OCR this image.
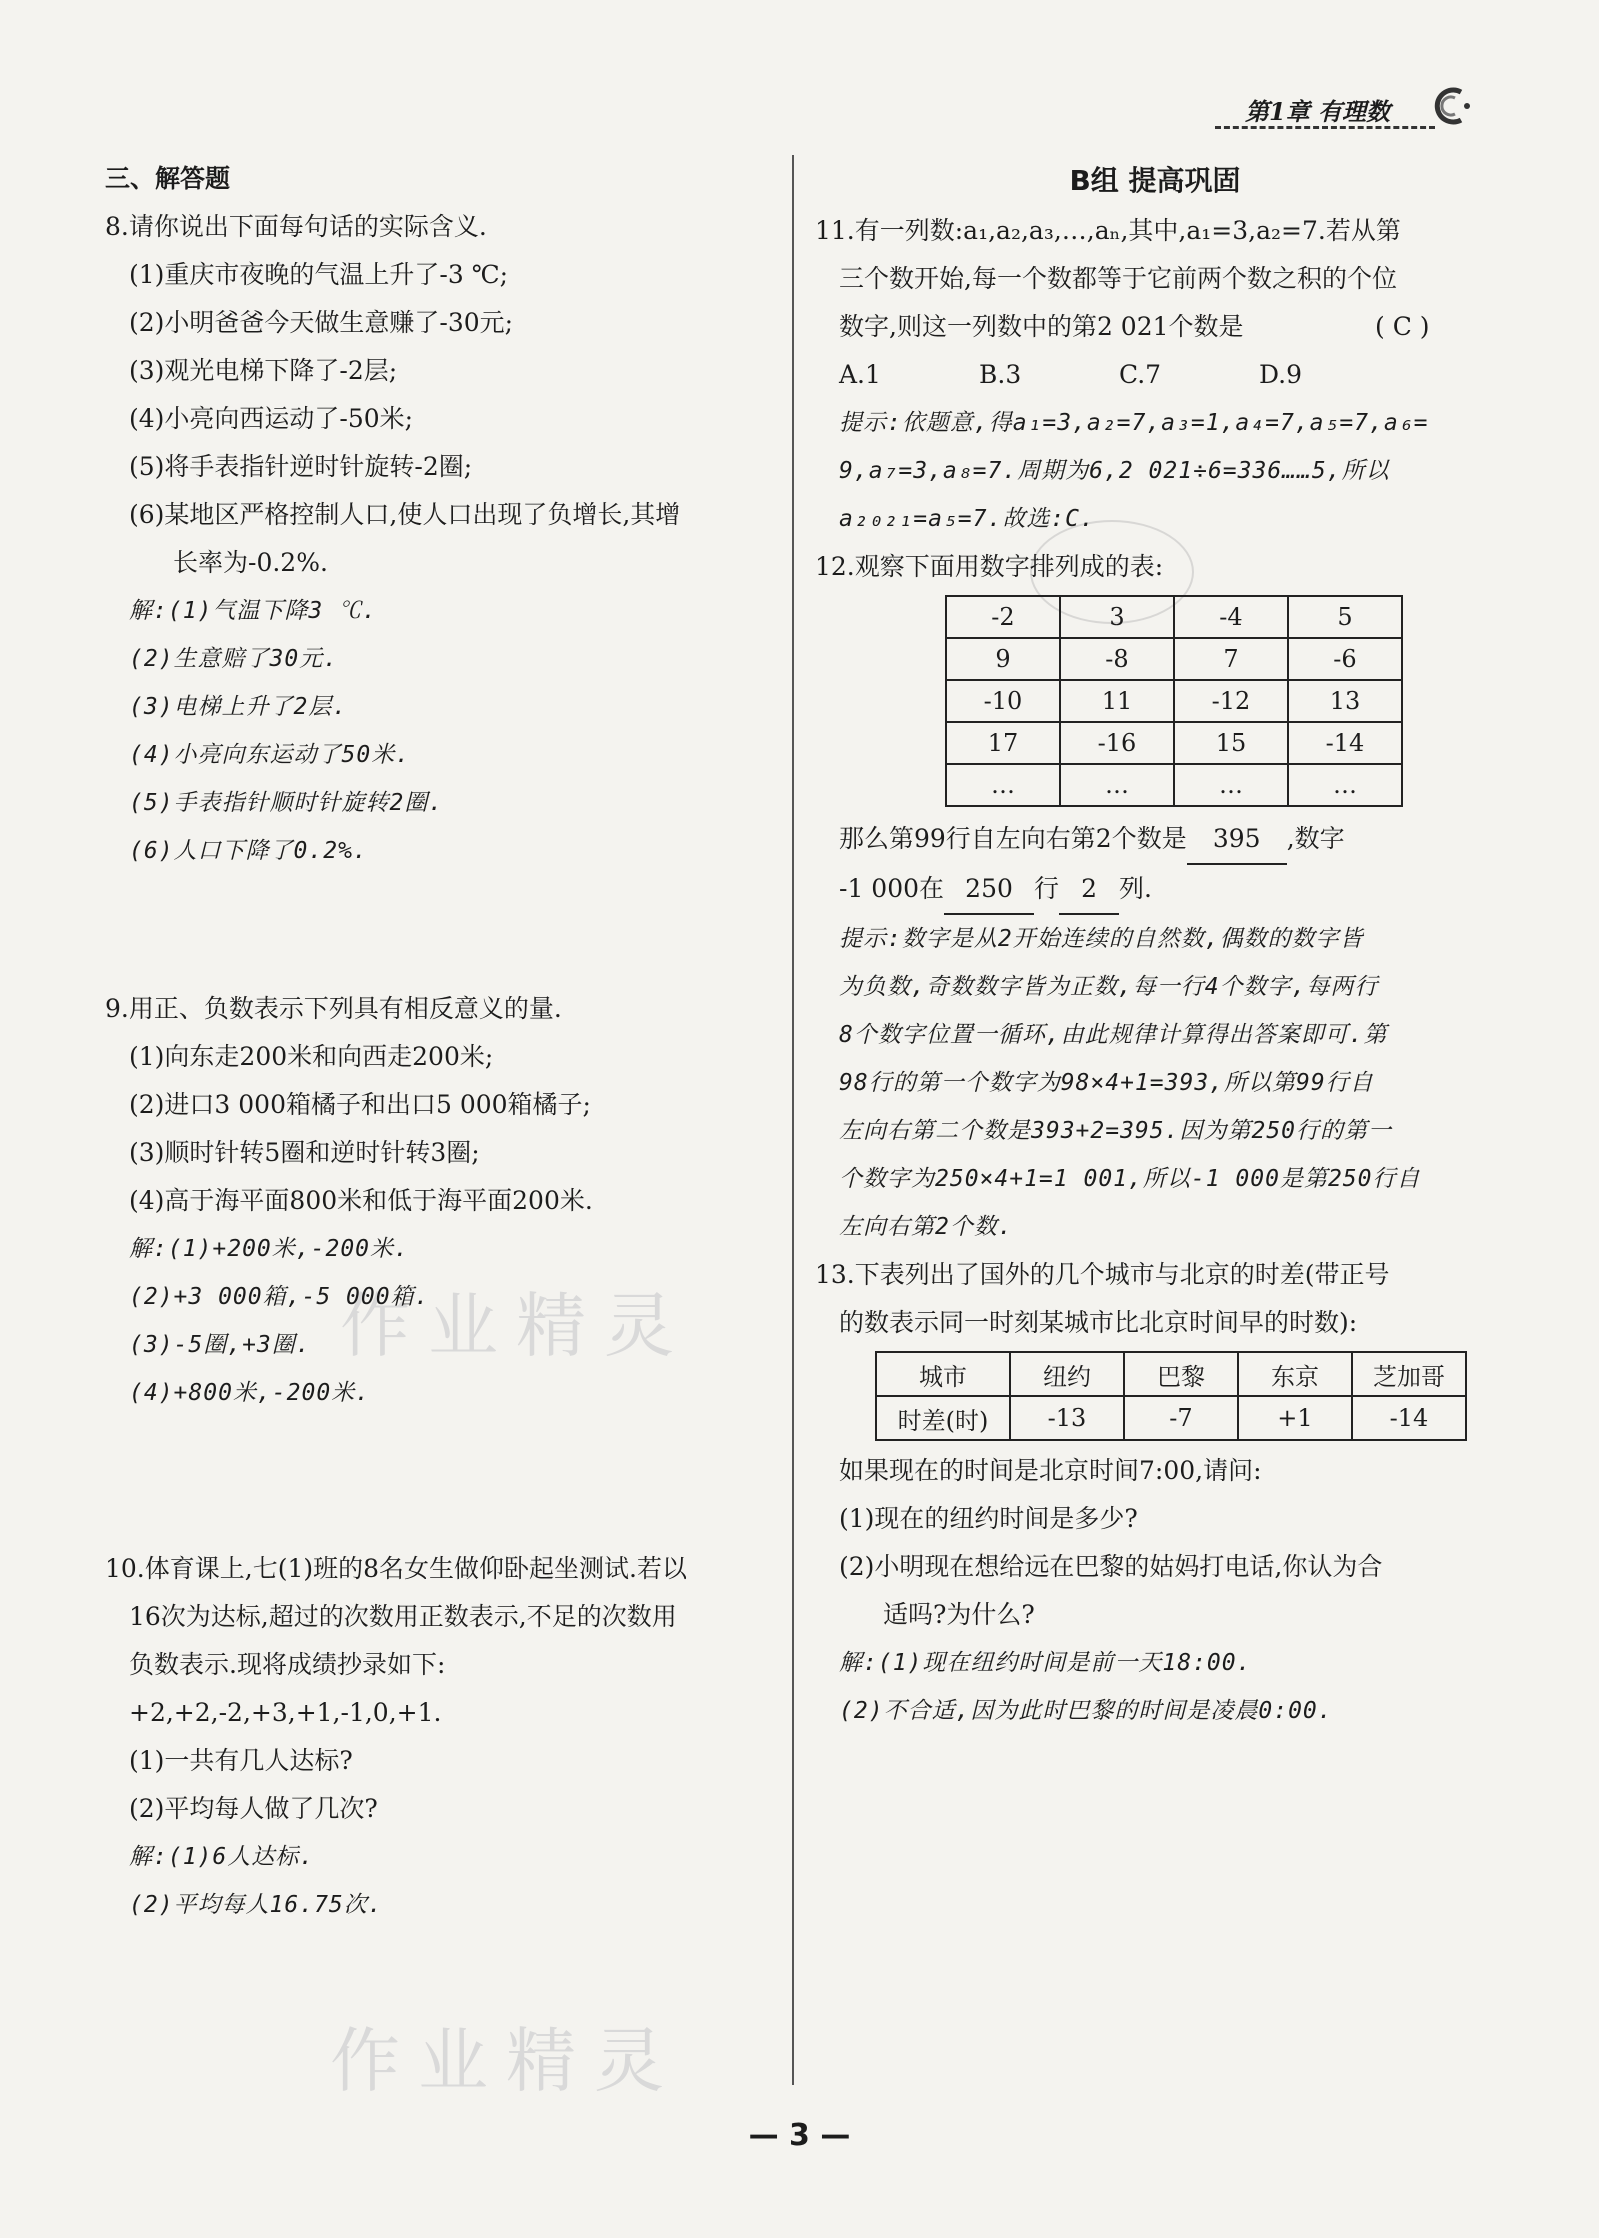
第1章 有理数
作业精灵
作业精灵
三、解答题
8.请你说出下面每句话的实际含义.
(1)重庆市夜晚的气温上升了-3 ℃;
(2)小明爸爸今天做生意赚了-30元;
(3)观光电梯下降了-2层;
(4)小亮向西运动了-50米;
(5)将手表指针逆时针旋转-2圈;
(6)某地区严格控制人口,使人口出现了负增长,其增
长率为-0.2%.
解:(1)气温下降3 ℃.
(2)生意赔了30元.
(3)电梯上升了2层.
(4)小亮向东运动了50米.
(5)手表指针顺时针旋转2圈.
(6)人口下降了0.2%.
9.用正、负数表示下列具有相反意义的量.
(1)向东走200米和向西走200米;
(2)进口3 000箱橘子和出口5 000箱橘子;
(3)顺时针转5圈和逆时针转3圈;
(4)高于海平面800米和低于海平面200米.
解:(1)+200米,-200米.
(2)+3 000箱,-5 000箱.
(3)-5圈,+3圈.
(4)+800米,-200米.
10.体育课上,七(1)班的8名女生做仰卧起坐测试.若以
16次为达标,超过的次数用正数表示,不足的次数用
负数表示.现将成绩抄录如下:
+2,+2,-2,+3,+1,-1,0,+1.
(1)一共有几人达标?
(2)平均每人做了几次?
解:(1)6人达标.
(2)平均每人16.75次.
B组 提高巩固
11.有一列数:a₁,a₂,a₃,…,aₙ,其中,a₁=3,a₂=7.若从第
三个数开始,每一个数都等于它前两个数之积的个位
数字,则这一列数中的第2 021个数是	( C )
A.1	B.3	C.7	D.9
提示:依题意,得a₁=3,a₂=7,a₃=1,a₄=7,a₅=7,a₆=
9,a₇=3,a₈=7.周期为6,2 021÷6=336……5,所以
a₂₀₂₁=a₅=7.故选:C.
12.观察下面用数字排列成的表:
-2	3	-4	5
9	-8	7	-6
-10	11	-12	13
17	-16	15	-14
…	…	…	…
那么第99行自左向右第2个数是 395 ,数字
-1 000在 250 行 2 列.
提示:数字是从2开始连续的自然数,偶数的数字皆
为负数,奇数数字皆为正数,每一行4个数字,每两行
8个数字位置一循环,由此规律计算得出答案即可.第
98行的第一个数字为98×4+1=393,所以第99行自
左向右第二个数是393+2=395.因为第250行的第一
个数字为250×4+1=1 001,所以-1 000是第250行自
左向右第2个数.
13.下表列出了国外的几个城市与北京的时差(带正号
的数表示同一时刻某城市比北京时间早的时数):
城市	纽约	巴黎	东京	芝加哥
时差(时)	-13	-7	+1	-14
如果现在的时间是北京时间7:00,请问:
(1)现在的纽约时间是多少?
(2)小明现在想给远在巴黎的姑妈打电话,你认为合
适吗?为什么?
解:(1)现在纽约时间是前一天18:00.
(2)不合适,因为此时巴黎的时间是凌晨0:00.
— 3 —
